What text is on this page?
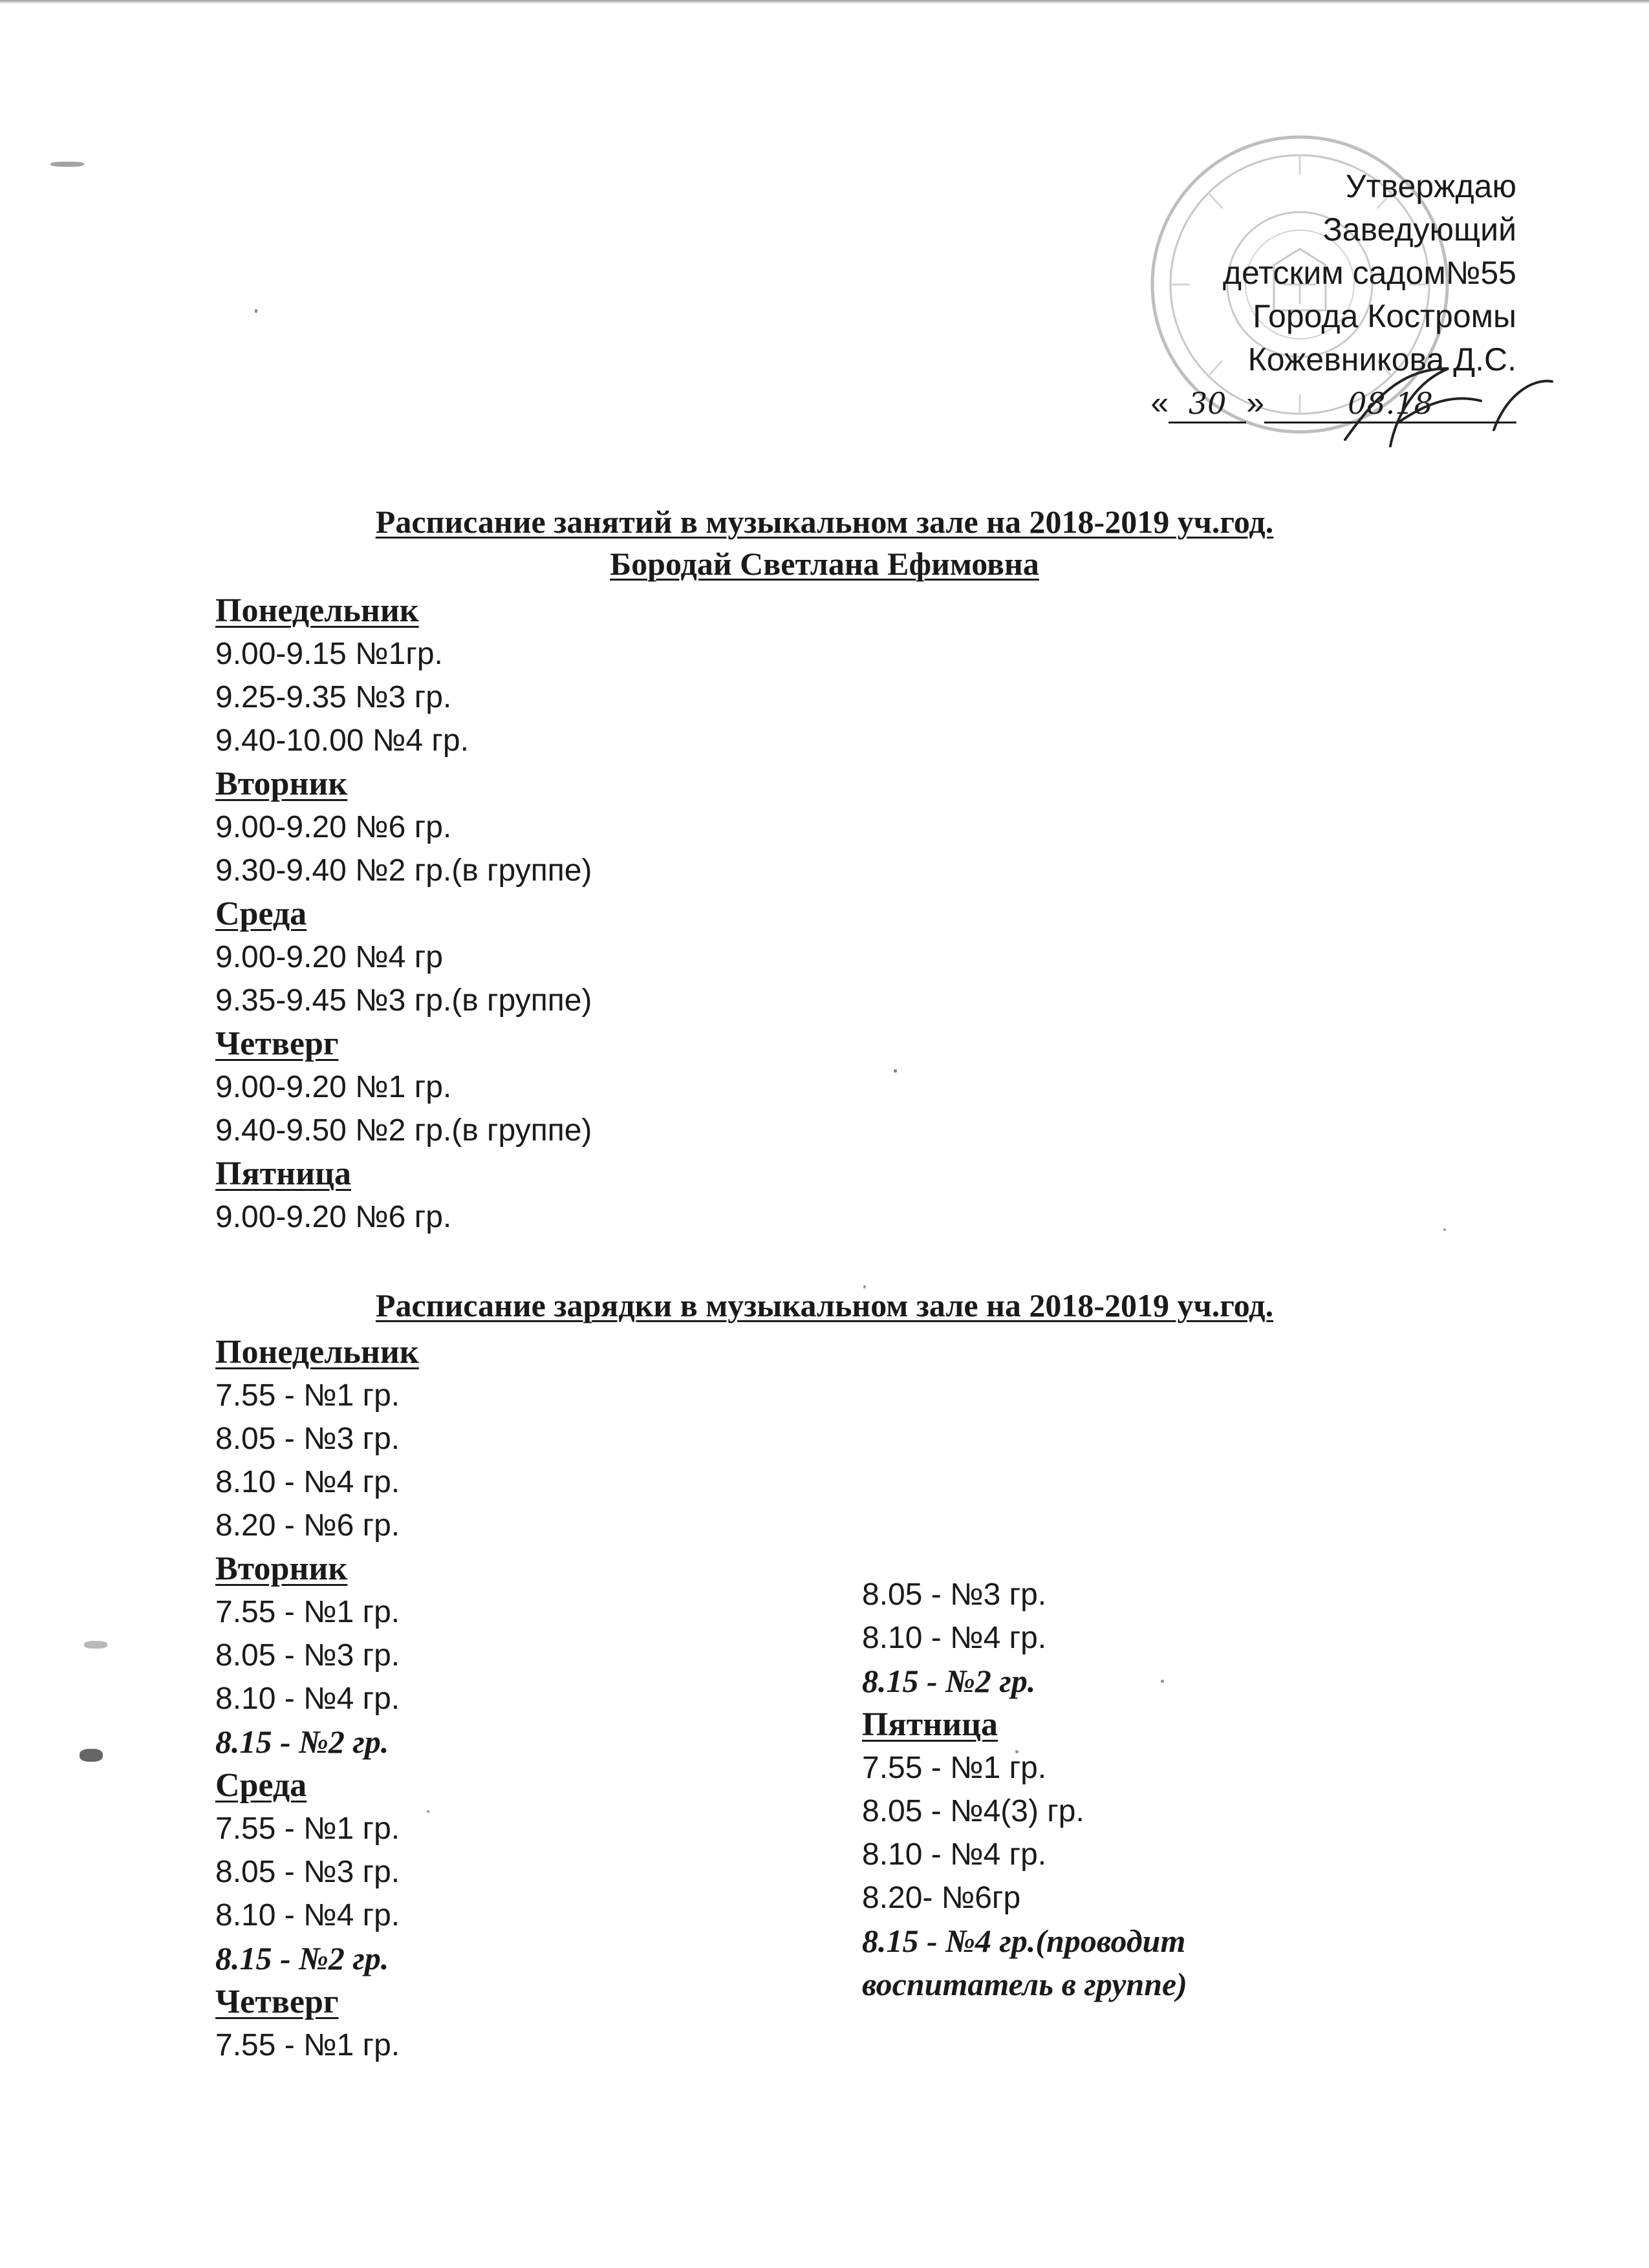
Утверждаю
Заведующий
детским садом№55
Города Костромы
Кожевникова Д.С.
« 30 »	08.18
Расписание занятий в музыкальном зале на 2018-2019 уч.год.
Бородай Светлана Ефимовна
Понедельник
9.00-9.15 №1гр.
9.25-9.35 №3 гр.
9.40-10.00 №4 гр.
Вторник
9.00-9.20 №6 гр.
9.30-9.40 №2 гр.(в группе)
Среда
9.00-9.20 №4 гр
9.35-9.45 №3 гр.(в группе)
Четверг
9.00-9.20 №1 гр.
9.40-9.50 №2 гр.(в группе)
Пятница
9.00-9.20 №6 гр.
Расписание зарядки в музыкальном зале на 2018-2019 уч.год.
Понедельник
7.55 - №1 гр.
8.05 - №3 гр.
8.10 - №4 гр.
8.20 - №6 гр.
Вторник
7.55 - №1 гр.
8.05 - №3 гр.
8.10 - №4 гр.
8.15 - №2 гр.
Среда
7.55 - №1 гр.
8.05 - №3 гр.
8.10 - №4 гр.
8.15 - №2 гр.
Четверг
7.55 - №1 гр.
8.05 - №3 гр.
8.10 - №4 гр.
8.15 - №2 гр.
Пятница
7.55 - №1 гр.
8.05 - №4(3) гр.
8.10 - №4 гр.
8.20- №6гр
8.15 - №4 гр.(проводит
воспитатель в группе)
